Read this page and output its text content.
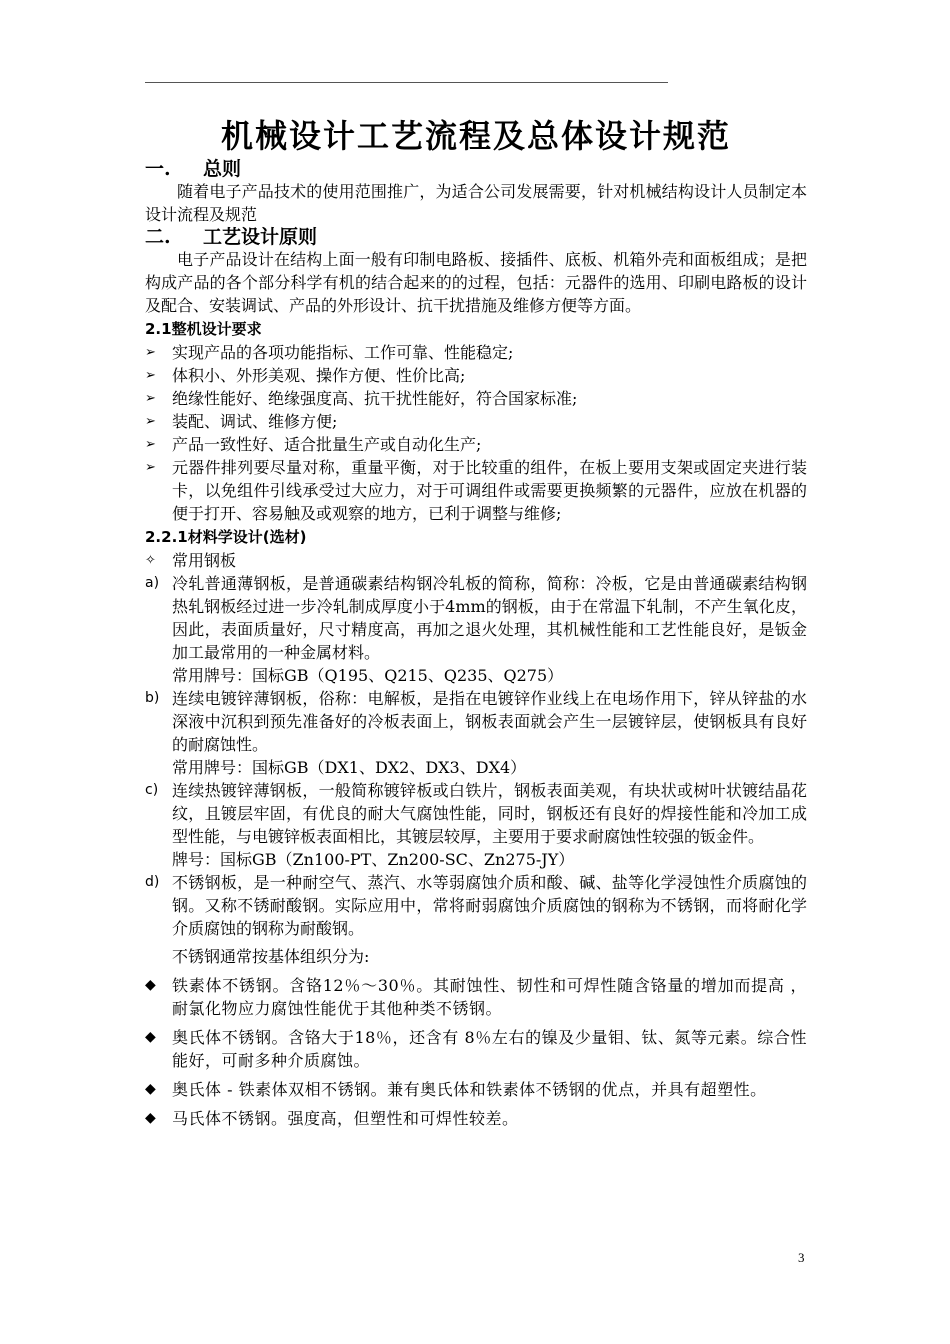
机械设计工艺流程及总体设计规范
一. 总则

随着电子产品技术的使用范围推广，为适合公司发展需要，针对机械结构设计人员制定本设计流程及规范

二. 工艺设计原则

电子产品设计在结构上面一般有印制电路板、接插件、底板、机箱外壳和面板组成；是把构成产品的各个部分科学有机的结合起来的的过程，包括：元器件的选用、印刷电路板的设计及配合、安装调试、产品的外形设计、抗干扰措施及维修方便等方面。

2.1整机设计要求
➢	实现产品的各项功能指标、工作可靠、性能稳定;
➢	体积小、外形美观、操作方便、性价比高;
➢	绝缘性能好、绝缘强度高、抗干扰性能好，符合国家标准;
➢	装配、调试、维修方便;
➢	产品一致性好、适合批量生产或自动化生产;
➢	元器件排列要尽量对称，重量平衡，对于比较重的组件，在板上要用支架或固定夹进行装卡，以免组件引线承受过大应力，对于可调组件或需要更换频繁的元器件，应放在机器的便于打开、容易触及或观察的地方，已利于调整与维修;
2.2.1材料学设计(选材)
✧	常用钢板
a) 冷轧普通薄钢板，是普通碳素结构钢冷轧板的简称，简称：冷板，它是由普通碳素结构钢热轧钢板经过进一步冷轧制成厚度小于4mm的钢板，由于在常温下轧制，不产生氧化皮，因此，表面质量好，尺寸精度高，再加之退火处理，其机械性能和工艺性能良好，是钣金加工最常用的一种金属材料。
常用牌号：国标GB（Q195、Q215、Q235、Q275）
b) 连续电镀锌薄钢板，俗称：电解板，是指在电镀锌作业线上在电场作用下，锌从锌盐的水深液中沉积到预先准备好的冷板表面上，钢板表面就会产生一层镀锌层，使钢板具有良好的耐腐蚀性。
常用牌号：国标GB（DX1、DX2、DX3、DX4）
c) 连续热镀锌薄钢板，一般简称镀锌板或白铁片，钢板表面美观，有块状或树叶状镀结晶花纹，且镀层牢固，有优良的耐大气腐蚀性能，同时，钢板还有良好的焊接性能和冷加工成型性能，与电镀锌板表面相比，其镀层较厚，主要用于要求耐腐蚀性较强的钣金件。
牌号：国标GB（Zn100-PT、Zn200-SC、Zn275-JY）
d) 不锈钢板，是一种耐空气、蒸汽、水等弱腐蚀介质和酸、碱、盐等化学浸蚀性介质腐蚀的钢。又称不锈耐酸钢。实际应用中，常将耐弱腐蚀介质腐蚀的钢称为不锈钢，而将耐化学介质腐蚀的钢称为耐酸钢。
不锈钢通常按基体组织分为:
◆	铁素体不锈钢。含铬12％～30％。其耐蚀性、韧性和可焊性随含铬量的增加而提高 ， 耐氯化物应力腐蚀性能优于其他种类不锈钢。
◆	奥氏体不锈钢。含铬大于18％，还含有 8％左右的镍及少量钼、钛、氮等元素。综合性能好，可耐多种介质腐蚀。
◆	奥氏体 - 铁素体双相不锈钢。兼有奥氏体和铁素体不锈钢的优点，并具有超塑性。
◆	马氏体不锈钢。强度高，但塑性和可焊性较差。
3
